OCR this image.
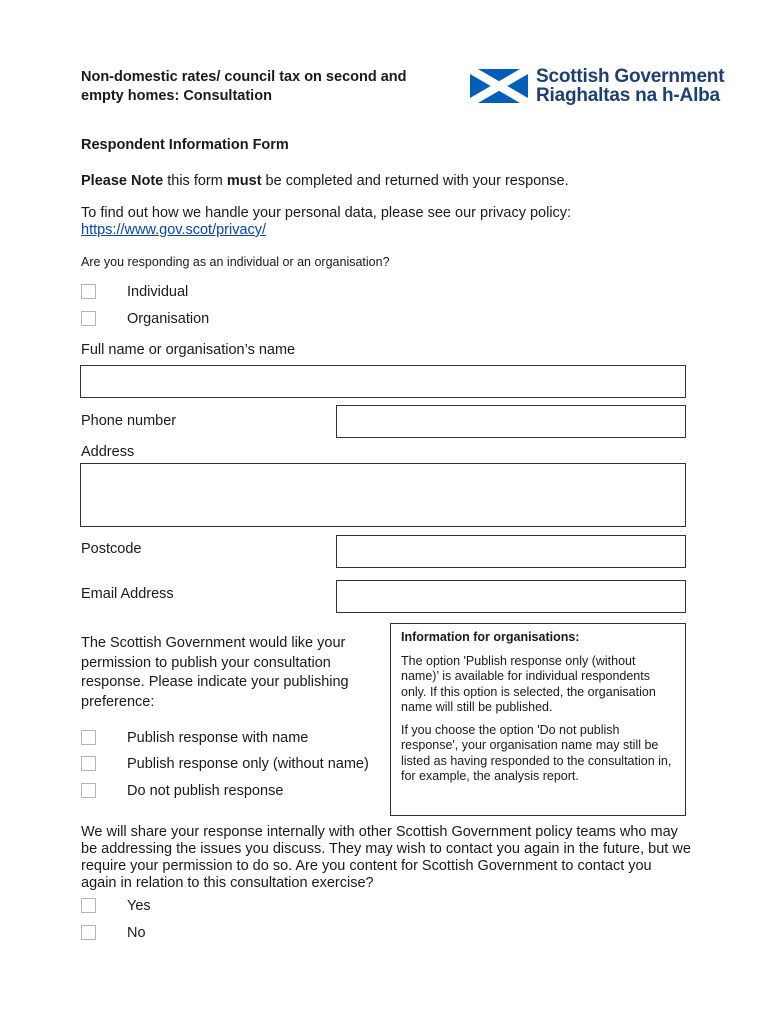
Non-domestic rates/ council tax on second and empty homes: Consultation
Scottish Government
Riaghaltas na h-Alba
Respondent Information Form
Please Note this form must be completed and returned with your response.
To find out how we handle your personal data, please see our privacy policy:
https://www.gov.scot/privacy/
Are you responding as an individual or an organisation?
Individual
Organisation
Full name or organisation’s name
Phone number
Address
Postcode
Email Address
The Scottish Government would like your permission to publish your consultation response. Please indicate your publishing preference:
Publish response with name
Publish response only (without name)
Do not publish response
Information for organisations:

The option 'Publish response only (without name)’ is available for individual respondents only. If this option is selected, the organisation name will still be published.

If you choose the option 'Do not publish response', your organisation name may still be listed as having responded to the consultation in, for example, the analysis report.

We will share your response internally with other Scottish Government policy teams who may be addressing the issues you discuss. They may wish to contact you again in the future, but we require your permission to do so. Are you content for Scottish Government to contact you again in relation to this consultation exercise?
Yes
No
